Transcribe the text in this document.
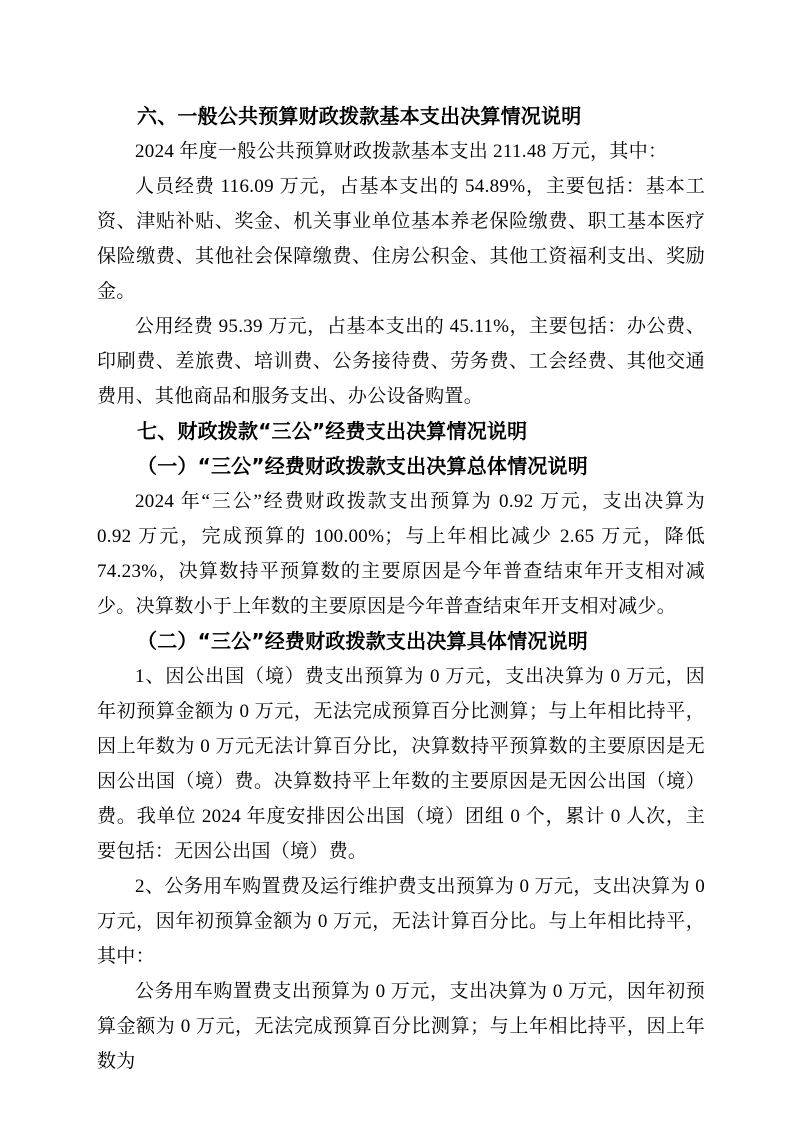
六、一般公共预算财政拨款基本支出决算情况说明
2024 年度一般公共预算财政拨款基本支出 211.48 万元，其中：
人员经费 116.09 万元，占基本支出的 54.89%，主要包括：基本工资、津贴补贴、奖金、机关事业单位基本养老保险缴费、职工基本医疗保险缴费、其他社会保障缴费、住房公积金、其他工资福利支出、奖励金。
公用经费 95.39 万元，占基本支出的 45.11%，主要包括：办公费、印刷费、差旅费、培训费、公务接待费、劳务费、工会经费、其他交通费用、其他商品和服务支出、办公设备购置。
七、财政拨款“三公”经费支出决算情况说明
（一）“三公”经费财政拨款支出决算总体情况说明
2024 年“三公”经费财政拨款支出预算为 0.92 万元，支出决算为 0.92 万元，完成预算的 100.00%；与上年相比减少 2.65 万元，降低 74.23%，决算数持平预算数的主要原因是今年普查结束年开支相对减少。决算数小于上年数的主要原因是今年普查结束年开支相对减少。
（二）“三公”经费财政拨款支出决算具体情况说明
1、因公出国（境）费支出预算为 0 万元，支出决算为 0 万元，因年初预算金额为 0 万元，无法完成预算百分比测算；与上年相比持平，因上年数为 0 万元无法计算百分比，决算数持平预算数的主要原因是无因公出国（境）费。决算数持平上年数的主要原因是无因公出国（境）费。我单位 2024 年度安排因公出国（境）团组 0 个，累计 0 人次，主要包括：无因公出国（境）费。
2、公务用车购置费及运行维护费支出预算为 0 万元，支出决算为 0 万元，因年初预算金额为 0 万元，无法计算百分比。与上年相比持平，其中：
公务用车购置费支出预算为 0 万元，支出决算为 0 万元，因年初预算金额为 0 万元，无法完成预算百分比测算；与上年相比持平，因上年数为
